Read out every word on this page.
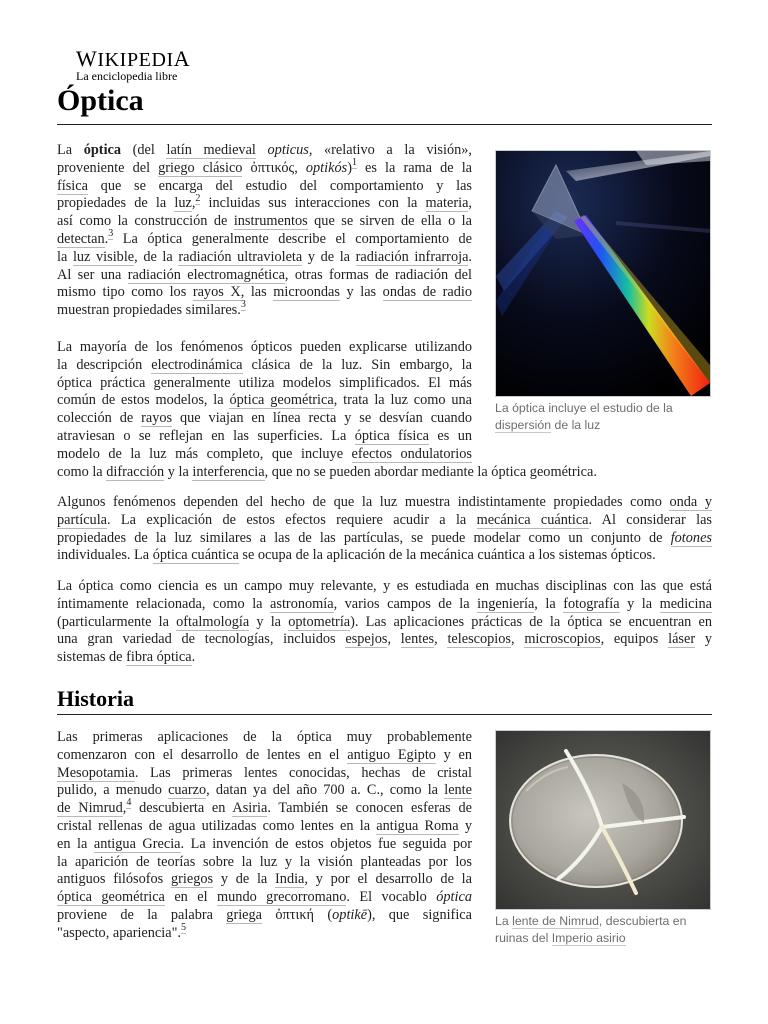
WIKIPEDIA
La enciclopedia libre
Óptica
La óptica (del latín medieval opticus, «relativo a la visión»,
proveniente del griego clásico ὀπτικός, optikós)$^1$ es la rama de la
física que se encarga del estudio del comportamiento y las
propiedades de la luz,$^2$ incluidas sus interacciones con la materia,
así como la construcción de instrumentos que se sirven de ella o la
detectan.$^3$ La óptica generalmente describe el comportamiento de
la luz visible, de la radiación ultravioleta y de la radiación infrarroja.
Al ser una radiación electromagnética, otras formas de radiación del
mismo tipo como los rayos X, las microondas y las ondas de radio
muestran propiedades similares.$^3$
La mayoría de los fenómenos ópticos pueden explicarse utilizando
la descripción electrodinámica clásica de la luz. Sin embargo, la
óptica práctica generalmente utiliza modelos simplificados. El más
común de estos modelos, la óptica geométrica, trata la luz como una
colección de rayos que viajan en línea recta y se desvían cuando
atraviesan o se reflejan en las superficies. La óptica física es un
modelo de la luz más completo, que incluye efectos ondulatorios
como la difracción y la interferencia, que no se pueden abordar mediante la óptica geométrica.
Algunos fenómenos dependen del hecho de que la luz muestra indistintamente propiedades como onda y
partícula. La explicación de estos efectos requiere acudir a la mecánica cuántica. Al considerar las
propiedades de la luz similares a las de las partículas, se puede modelar como un conjunto de fotones
individuales. La óptica cuántica se ocupa de la aplicación de la mecánica cuántica a los sistemas ópticos.
La óptica como ciencia es un campo muy relevante, y es estudiada en muchas disciplinas con las que está
íntimamente relacionada, como la astronomía, varios campos de la ingeniería, la fotografía y la medicina
(particularmente la oftalmología y la optometría). Las aplicaciones prácticas de la óptica se encuentran en
una gran variedad de tecnologías, incluidos espejos, lentes, telescopios, microscopios, equipos láser y
sistemas de fibra óptica.
Historia
Las primeras aplicaciones de la óptica muy probablemente
comenzaron con el desarrollo de lentes en el antiguo Egipto y en
Mesopotamia. Las primeras lentes conocidas, hechas de cristal
pulido, a menudo cuarzo, datan ya del año 700 a. C., como la lente
de Nimrud,$^4$ descubierta en Asiria. También se conocen esferas de
cristal rellenas de agua utilizadas como lentes en la antigua Roma y
en la antigua Grecia. La invención de estos objetos fue seguida por
la aparición de teorías sobre la luz y la visión planteadas por los
antiguos filósofos griegos y de la India, y por el desarrollo de la
óptica geométrica en el mundo grecorromano. El vocablo óptica
proviene de la palabra griega ὀπτική (optikē), que significa
"aspecto, apariencia".$^5$
La óptica incluye el estudio de la dispersión de la luz
La lente de Nimrud, descubierta en ruinas del Imperio asirio
